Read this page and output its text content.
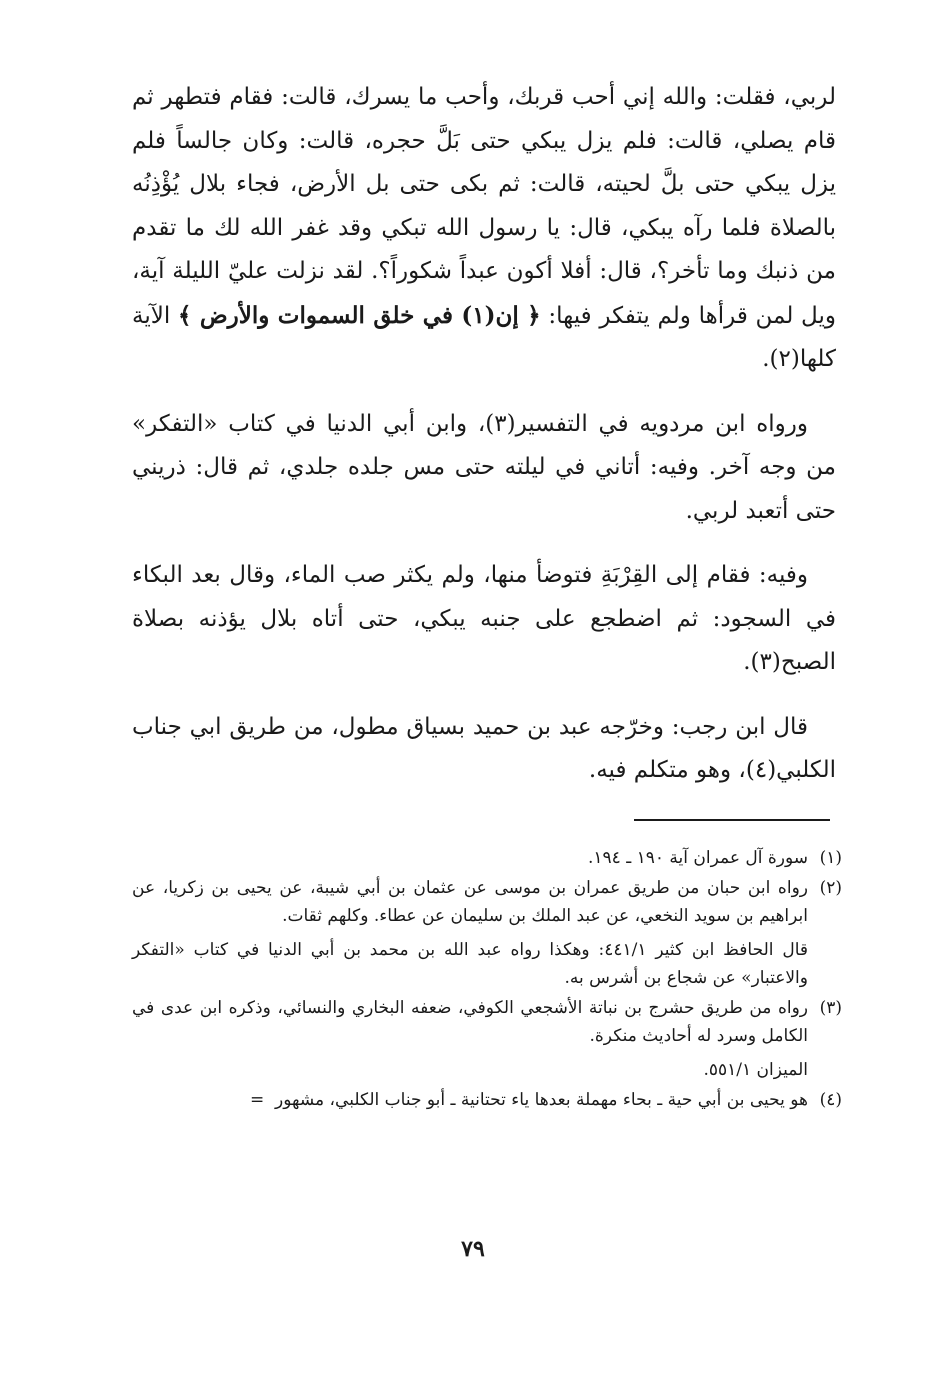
لربي، فقلت: والله إني أحب قربك، وأحب ما يسرك، قالت: فقام فتطهر ثم قام يصلي، قالت: فلم يزل يبكي حتى بَلَّ حجره، قالت: وكان جالساً فلم يزل يبكي حتى بلَّ لحيته، قالت: ثم بكى حتى بل الأرض، فجاء بلال يُؤْذِنُه بالصلاة فلما رآه يبكي، قال: يا رسول الله تبكي وقد غفر الله لك ما تقدم من ذنبك وما تأخر؟، قال: أفلا أكون عبداً شكوراً؟. لقد نزلت عليّ الليلة آية، ويل لمن قرأها ولم يتفكر فيها: ﴿ إن(١) في خلق السموات والأرض ﴾ الآية كلها(٢).

ورواه ابن مردويه في التفسير(٣)، وابن أبي الدنيا في كتاب «التفكر» من وجه آخر. وفيه: أتاني في ليلته حتى مس جلده جلدي، ثم قال: ذريني حتى أتعبد لربي.

وفيه: فقام إلى القِرْبَةِ فتوضأ منها، ولم يكثر صب الماء، وقال بعد البكاء في السجود: ثم اضطجع على جنبه يبكي، حتى أتاه بلال يؤذنه بصلاة الصبح(٣).

قال ابن رجب: وخرّجه عبد بن حميد بسياق مطول، من طريق ابي جناب الكلبي(٤)، وهو متكلم فيه.

(١)
سورة آل عمران آية ١٩٠ ـ ١٩٤.
(٢)
رواه ابن حبان من طريق عمران بن موسى عن عثمان بن أبي شيبة، عن يحيى بن زكريا، عن ابراهيم بن سويد النخعي، عن عبد الملك بن سليمان عن عطاء. وكلهم ثقات.
قال الحافظ ابن كثير ٤٤١/١: وهكذا رواه عبد الله بن محمد بن أبي الدنيا في كتاب «التفكر والاعتبار» عن شجاع بن أشرس به.
(٣)
رواه من طريق حشرج بن نباتة الأشجعي الكوفي، ضعفه البخاري والنسائي، وذكره ابن عدى في الكامل وسرد له أحاديث منكرة.
الميزان ٥٥١/١.
(٤)
هو يحيى بن أبي حية ـ بحاء مهملة بعدها ياء تحتانية ـ أبو جناب الكلبي، مشهور
=
٧٩
